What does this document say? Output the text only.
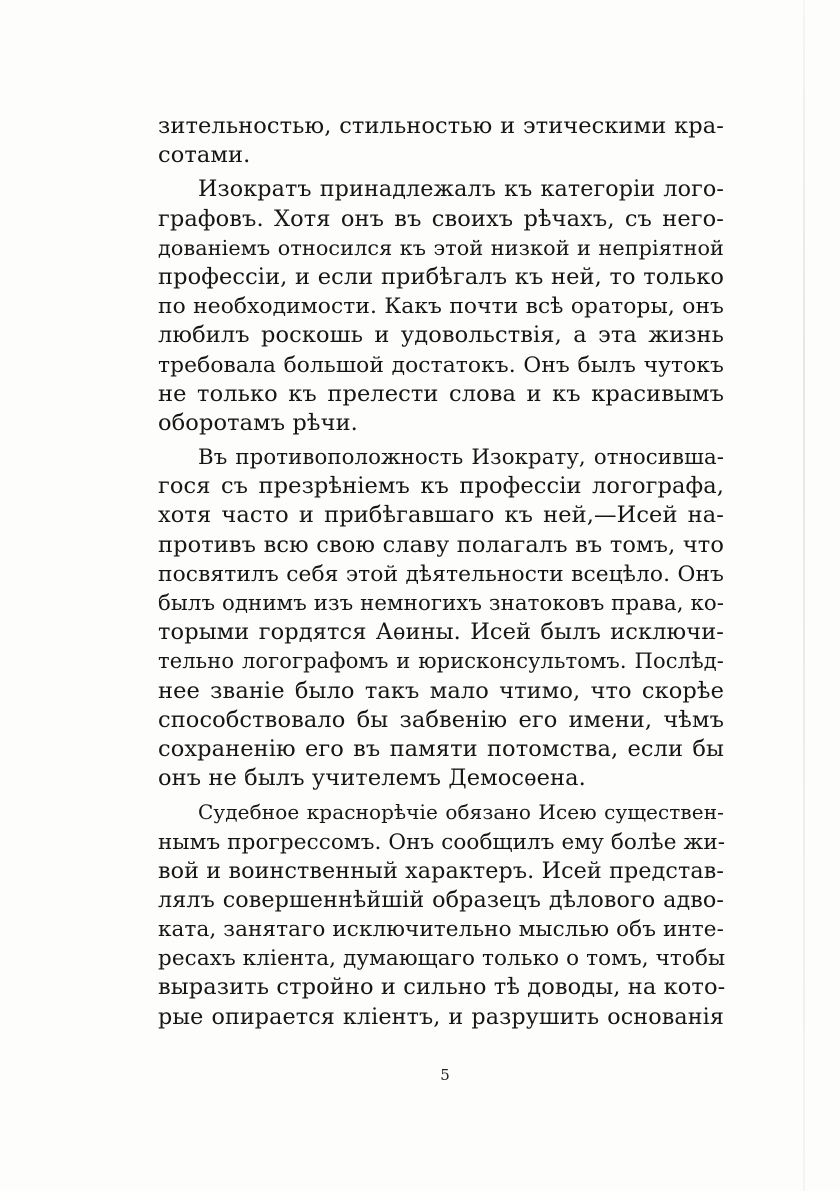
зительностью, стильностью и этическими кра-
сотами.
Изократъ принадлежалъ къ категоріи лого-
графовъ. Хотя онъ въ своихъ рѣчахъ, съ него-
дованіемъ относился къ этой низкой и непріятной
профессіи, и если прибѣгалъ къ ней, то только
по необходимости. Какъ почти всѣ ораторы, онъ
любилъ роскошь и удовольствія, а эта жизнь
требовала большой достатокъ. Онъ былъ чутокъ
не только къ прелести слова и къ красивымъ
оборотамъ рѣчи.
Въ противоположность Изократу, относивша-
гося съ презрѣніемъ къ профессіи логографа,
хотя часто и прибѣгавшаго къ ней,—Исей на-
противъ всю свою славу полагалъ въ томъ, что
посвятилъ себя этой дѣятельности всецѣло. Онъ
былъ однимъ изъ немногихъ знатоковъ права, ко-
торыми гордятся Аѳины. Исей былъ исключи-
тельно логографомъ и юрисконсультомъ. Послѣд-
нее званіе было такъ мало чтимо, что скорѣе
способствовало бы забвенію его имени, чѣмъ
сохраненію его въ памяти потомства, если бы
онъ не былъ учителемъ Демосѳена.
Судебное краснорѣчіе обязано Исею существен-
нымъ прогрессомъ. Онъ сообщилъ ему болѣе жи-
вой и воинственный характеръ. Исей представ-
лялъ совершеннѣйшій образецъ дѣлового адво-
ката, занятаго исключительно мыслью объ инте-
ресахъ кліента, думающаго только о томъ, чтобы
выразить стройно и сильно тѣ доводы, на кото-
рые опирается кліентъ, и разрушить основанія
5
